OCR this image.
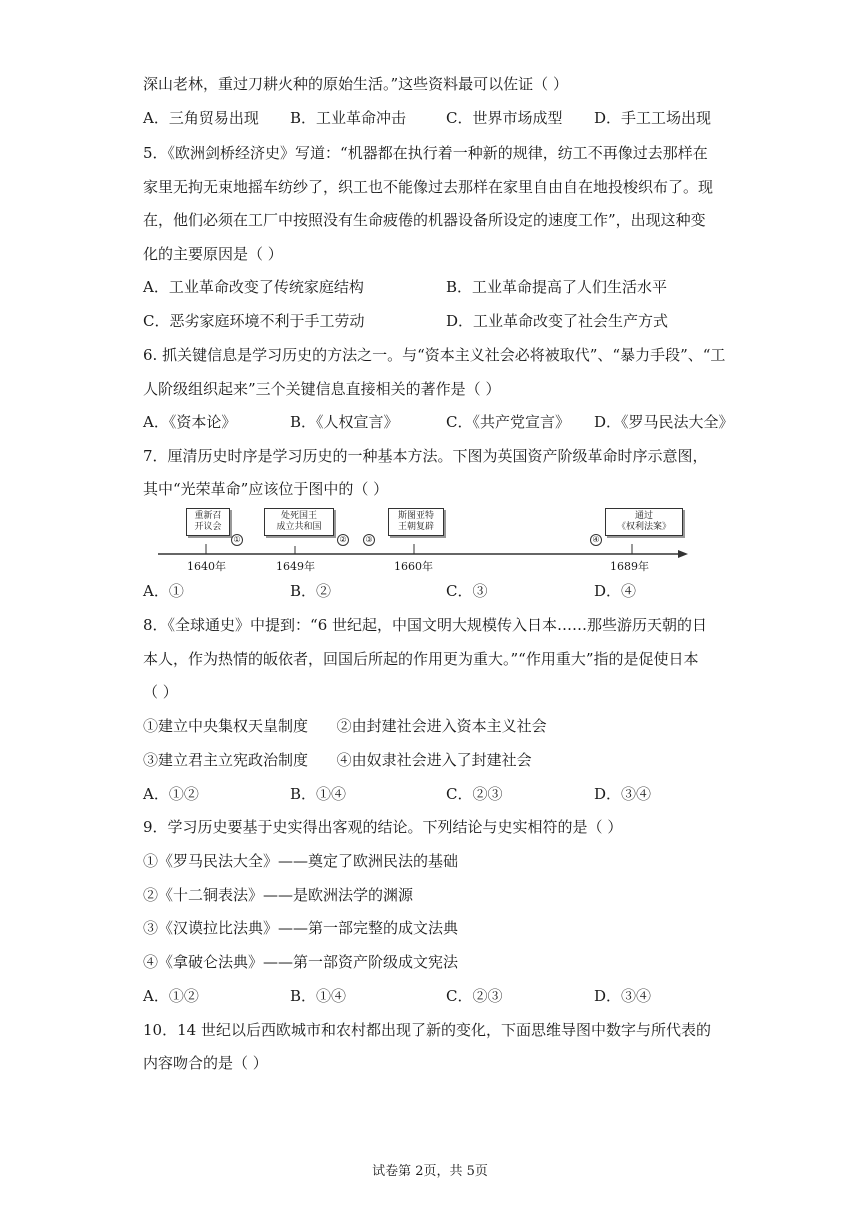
深山老林，重过刀耕火种的原始生活。”这些资料最可以佐证（ ）
A．三角贸易出现 B．工业革命冲击	C．世界市场成型 D．手工工场出现
5．《欧洲剑桥经济史》写道：“机器都在执行着一种新的规律，纺工不再像过去那样在
家里无拘无束地摇车纺纱了，织工也不能像过去那样在家里自由自在地投梭织布了。现
在，他们必须在工厂中按照没有生命疲倦的机器设备所设定的速度工作”，出现这种变
化的主要原因是（ ）
A．工业革命改变了传统家庭结构	B．工业革命提高了人们生活水平
C．恶劣家庭环境不利于手工劳动	D．工业革命改变了社会生产方式
6. 抓关键信息是学习历史的方法之一。与“资本主义社会必将被取代”、“暴力手段”、“工
人阶级组织起来”三个关键信息直接相关的著作是（ ）
A．《资本论》	B．《人权宣言》	C．《共产党宣言》 D．《罗马民法大全》
7．厘清历史时序是学习历史的一种基本方法。下图为英国资产阶级革命时序示意图，
其中“光荣革命”应该位于图中的（ ）
重新召
开议会
处死国王
成立共和国
斯图亚特
王朝复辟
通过
《权利法案》
①	②	③	④
1640年	1649年	1660年	1689年
A．①	B．②	C．③	D．④
8．《全球通史》中提到：“6 世纪起，中国文明大规模传入日本……那些游历天朝的日
本人，作为热情的皈依者，回国后所起的作用更为重大。”“作用重大”指的是促使日本
（ ）
①建立中央集权天皇制度      ②由封建社会进入资本主义社会
③建立君主立宪政治制度      ④由奴隶社会进入了封建社会
A．①②	B．①④	C．②③	D．③④
9．学习历史要基于史实得出客观的结论。下列结论与史实相符的是（ ）
①《罗马民法大全》——奠定了欧洲民法的基础
②《十二铜表法》——是欧洲法学的渊源
③《汉谟拉比法典》——第一部完整的成文法典
④《拿破仑法典》——第一部资产阶级成文宪法
A．①②	B．①④	C．②③	D．③④
10．14 世纪以后西欧城市和农村都出现了新的变化，下面思维导图中数字与所代表的
内容吻合的是（ ）
试卷第 2页，共 5页
